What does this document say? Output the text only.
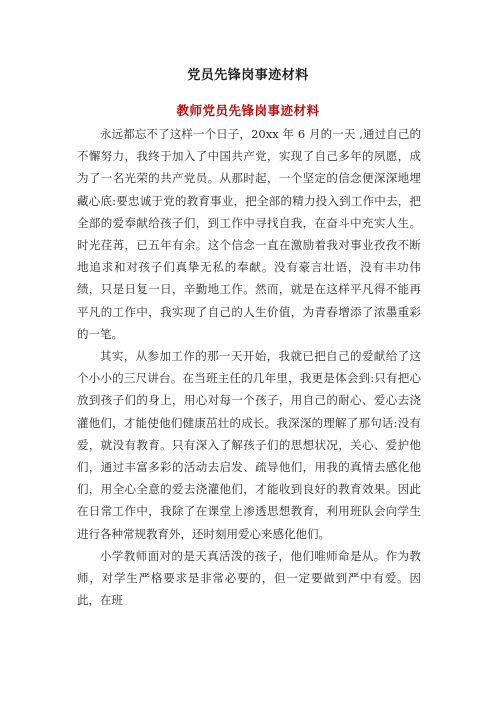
党员先锋岗事迹材料
教师党员先锋岗事迹材料

永远都忘不了这样一个日子，20xx 年 6 月的一天 ,通过自己的不懈努力，我终于加入了中国共产党，实现了自己多年的夙愿，成为了一名光荣的共产党员。从那时起，一个坚定的信念便深深地埋藏心底:要忠诚于党的教育事业，把全部的精力投入到工作中去，把全部的爱奉献给孩子们，到工作中寻找自我，在奋斗中充实人生。时光荏苒，已五年有余。这个信念一直在激励着我对事业孜孜不断地追求和对孩子们真挚无私的奉献。没有豪言壮语，没有丰功伟绩，只是日复一日，辛勤地工作。然而，就是在这样平凡得不能再平凡的工作中，我实现了自己的人生价值，为青春增添了浓墨重彩的一笔。

其实，从参加工作的那一天开始，我就已把自己的爱献给了这个小小的三尺讲台。在当班主任的几年里，我更是体会到:只有把心放到孩子们的身上，用心对每一个孩子，用自己的耐心、爱心去浇灌他们，才能使他们健康茁壮的成长。我深深的理解了那句话:没有爱，就没有教育。只有深入了解孩子们的思想状况，关心、爱护他们，通过丰富多彩的活动去启发、疏导他们，用我的真情去感化他们，用全心全意的爱去浇灌他们，才能收到良好的教育效果。因此在日常工作中，我除了在课堂上渗透思想教育，利用班队会向学生进行各种常规教育外，还时刻用爱心来感化他们。

小学教师面对的是天真活泼的孩子，他们唯师命是从。作为教师，对学生严格要求是非常必要的，但一定要做到严中有爱。因此，在班
